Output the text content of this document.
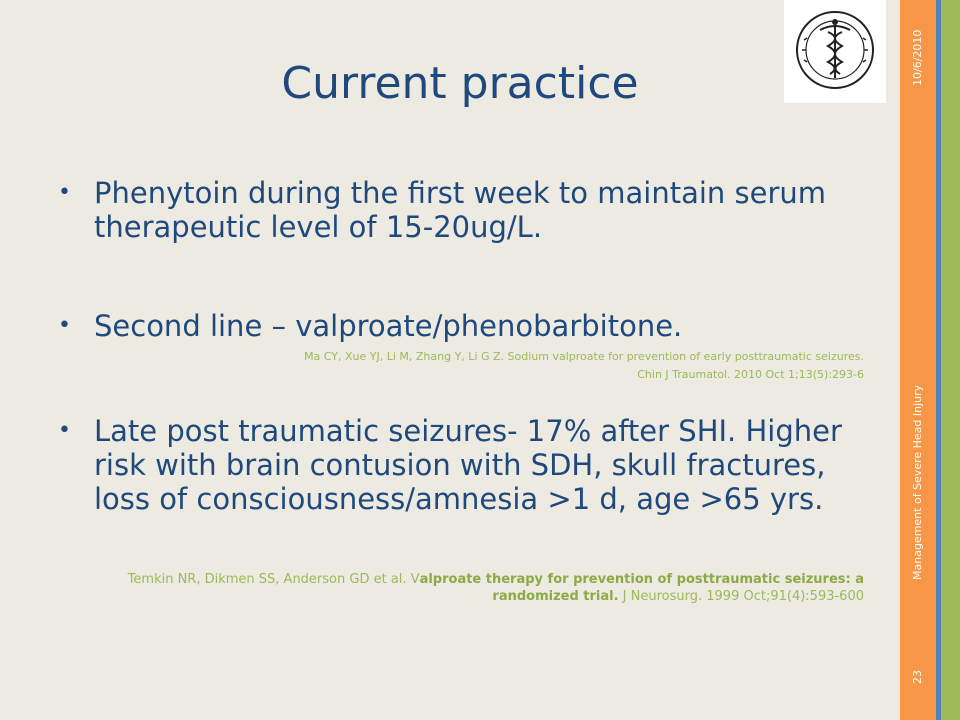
10/6/2010
Management of Severe Head Injury
23
Current practice
• Phenytoin during the first week to maintain serum therapeutic level of 15-20ug/L.
• Second line – valproate/phenobarbitone.
Ma CY, Xue YJ, Li M, Zhang Y, Li G Z. Sodium valproate for prevention of early posttraumatic seizures.
Chin J Traumatol. 2010 Oct 1;13(5):293-6
• Late post traumatic seizures- 17% after SHI. Higher risk with brain contusion with SDH, skull fractures, loss of consciousness/amnesia >1 d, age >65 yrs.
Temkin NR, Dikmen SS, Anderson GD et al. Valproate therapy for prevention of posttraumatic seizures: a randomized trial. J Neurosurg. 1999 Oct;91(4):593-600
